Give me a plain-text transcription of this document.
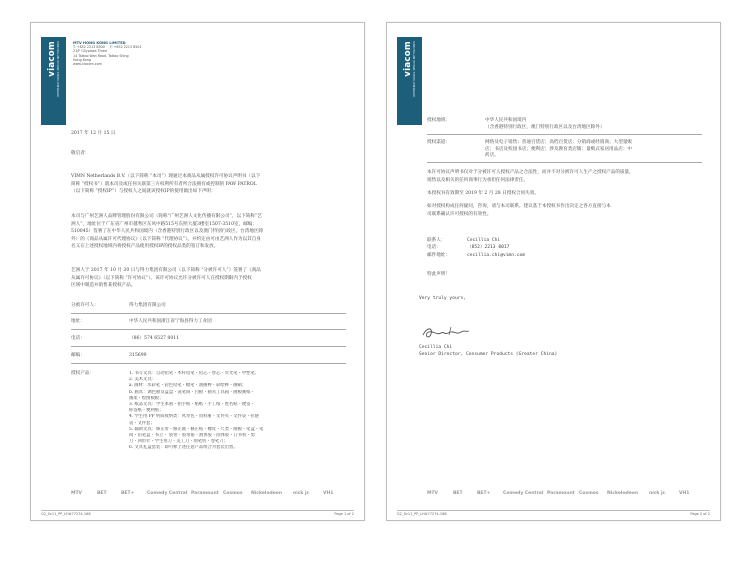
viacom INTERNATIONAL MEDIA NETWORKS	MTV HONG KONG LIMITED
T: +852 2213 8500 F: +852 2213 8501
21/F Cityplaza Three
14 Taikoo Wan Road, Taikoo Shing
Hong Kong
www.viacom.com
2017 年 12 月 15 日
敬启者：
VIMN Netherlands B.V.（以下简称 “本司”）现通过本商品从属授权许可协议声明书（以下
简称 “授权书”）就本司及或任何关联第三方权利所有者所合法拥有或控制的 PAW PATROL
（以下简称 “授权IP”）与授权人之间就该授权IP的使用做出如下声明：
本司与广州艺洲人品牌管理股份有限公司（简称“广州艺洲人文化传播有限公司”，以下简称“艺
洲人”，地址位于广东省广州市越秀区东风中路515号东照大厦3楼室1507-3510室，邮编：
510045）签署了在中华人民共和国境内（含香港特别行政区以及澳门特别行政区，台湾地区除
外）的《商品从属许可代理协议》（以下简称 “代理协议”）。并约定由可由艺洲人作为以其自身
名义在上述授权地域内将授权产品使用授权IP的授权品类的签订和发放。
艺洲人于 2017 年 10 月 30 日与得力集团有限公司（以下简称 “分被许可人”）签署了《商品
从属许可协议》（以下简称 “许可协议”）。该许可协议允许分被许可人在授权期限内于授权
区域中制造并销售某授权产品。
分被许可人：	得力集团有限公司
地址：	中华人民共和国浙江省宁海县得力工业园
电话：	（86）574 6527 8011
邮编：	315699
授权产品：	1. 书写文具：自动铅笔・木杆铅笔・铅芯・替芯・荧光笔・中性笔；
2. 美术文具：
a. 画材：水彩笔・彩色铅笔・蜡笔・油画棒・彩绘棒・画刷；
b. 画具：调色板及盒盘・洗笔筒・白板・画夹工具箱・画板画纸・
画架・绘图模板；
3. 纸品文具：学生本册・拍手纸・贴纸・手工纸・姓名贴・便签・
标签纸・便利贴；
4. 学生用 PP 材质收纳类：风琴包・资料册・文件夹・文件袋・拉链
袋・文件套；
5. 辅助文具：修正带・修正液・修正贴・橡皮・尺类・画板・笔盒・笔
筒・铅笔盒・书立・ 胶带・胶带座・液体胶・固体胶・订书机・剪
刀・回形针・学生用刀・美工刀・削笔机・卷笔刀；
6. 文具礼盒套装：即可释上述任意产品组合为套装出售。
MTV	BET	BET+	Comedy Central Paramount Cosmos Nickelodeon nick jr.	VH1
G2_0c11_PP_LH#77274-168	Page 1 of 2
viacom INTERNATIONAL MEDIA NETWORKS
授权地域：	中华人民共和国境内
（含香港特别行政区，澳门特别行政区以及台湾地区除外）
授权渠道：	网络及电子销售；普通百货店；高档百货店；分销商或经销商；大型量贩
店；书店及校园书店；便利店；涉及教育类店铺；量贩式家居用品店；中
药店。
本许可协议声明书仅对于分被许可人授权产品之合法性，而并不对分被许可人生产之授权产品的质量，
销售以及相关的任何商事行为承担任何法律责任。
本授权书有效期至 2019 年 2 月 28 日授权合同失效。
如对授权构成任何疑问，咨询，请与本司联系。建议基于本授权书作出决定之各方直接与本
司联系确认许可授权的有效性。
联系人：	Cecillia Chi
电话：	（852）2213 8017
邮件地址：	cecillia.chi@vimn.com
特此声明！
Very truly yours,
Cecillia Chi
Senior Director, Consumer Products (Greater China)
MTV	BET	BET+	Comedy Central Paramount Cosmos Nickelodeon nick jr.	VH1
G2_0c11_PP_LH#77274-168	Page 2 of 2
